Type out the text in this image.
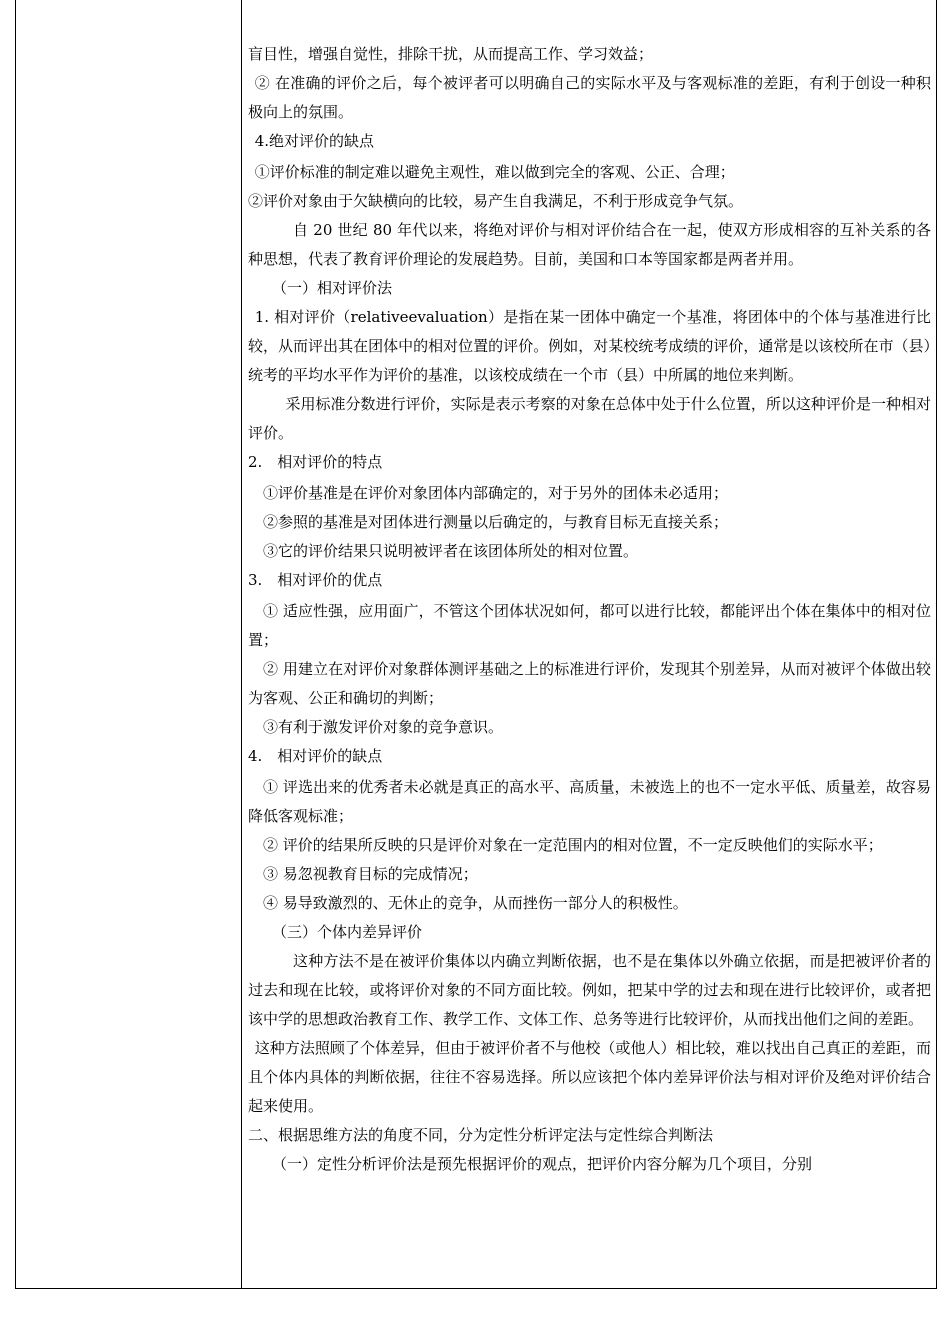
盲目性，增强自觉性，排除干扰，从而提高工作、学习效益；

② 在准确的评价之后，每个被评者可以明确自己的实际水平及与客观标准的差距，有利于创设一种积极向上的氛围。

4.绝对评价的缺点

①评价标准的制定难以避免主观性，难以做到完全的客观、公正、合理；

②评价对象由于欠缺横向的比较，易产生自我满足，不利于形成竞争气氛。

自 20 世纪 80 年代以来，将绝对评价与相对评价结合在一起，使双方形成相容的互补关系的各种思想，代表了教育评价理论的发展趋势。目前，美国和口本等国家都是两者并用。

（一）相对评价法

1. 相对评价（relativeevaluation）是指在某一团体中确定一个基准，将团体中的个体与基准进行比较，从而评出其在团体中的相对位置的评价。例如，对某校统考成绩的评价，通常是以该校所在市（县）统考的平均水平作为评价的基准，以该校成绩在一个市（县）中所属的地位来判断。

采用标准分数进行评价，实际是表示考察的对象在总体中处于什么位置，所以这种评价是一种相对评价。

2.　相对评价的特点

①评价基准是在评价对象团体内部确定的，对于另外的团体未必适用；

②参照的基准是对团体进行测量以后确定的，与教育目标无直接关系；

③它的评价结果只说明被评者在该团体所处的相对位置。

3.　相对评价的优点

① 适应性强，应用面广，不管这个团体状况如何，都可以进行比较，都能评出个体在集体中的相对位置；

② 用建立在对评价对象群体测评基础之上的标准进行评价，发现其个别差异，从而对被评个体做出较为客观、公正和确切的判断；

③有利于激发评价对象的竞争意识。

4.　相对评价的缺点

① 评选出来的优秀者未必就是真正的高水平、高质量，未被选上的也不一定水平低、质量差，故容易降低客观标准；

② 评价的结果所反映的只是评价对象在一定范围内的相对位置，不一定反映他们的实际水平；

③ 易忽视教育目标的完成情况；

④ 易导致激烈的、无休止的竞争，从而挫伤一部分人的积极性。

（三）个体内差异评价

这种方法不是在被评价集体以内确立判断依据，也不是在集体以外确立依据，而是把被评价者的过去和现在比较，或将评价对象的不同方面比较。例如，把某中学的过去和现在进行比较评价，或者把该中学的思想政治教育工作、教学工作、文体工作、总务等进行比较评价，从而找出他们之间的差距。

这种方法照顾了个体差异，但由于被评价者不与他校（或他人）相比较，难以找出自己真正的差距，而且个体内具体的判断依据，往往不容易选择。所以应该把个体内差异评价法与相对评价及绝对评价结合起来使用。

二、根据思维方法的角度不同，分为定性分析评定法与定性综合判断法

（一）定性分析评价法是预先根据评价的观点，把评价内容分解为几个项目，分别
